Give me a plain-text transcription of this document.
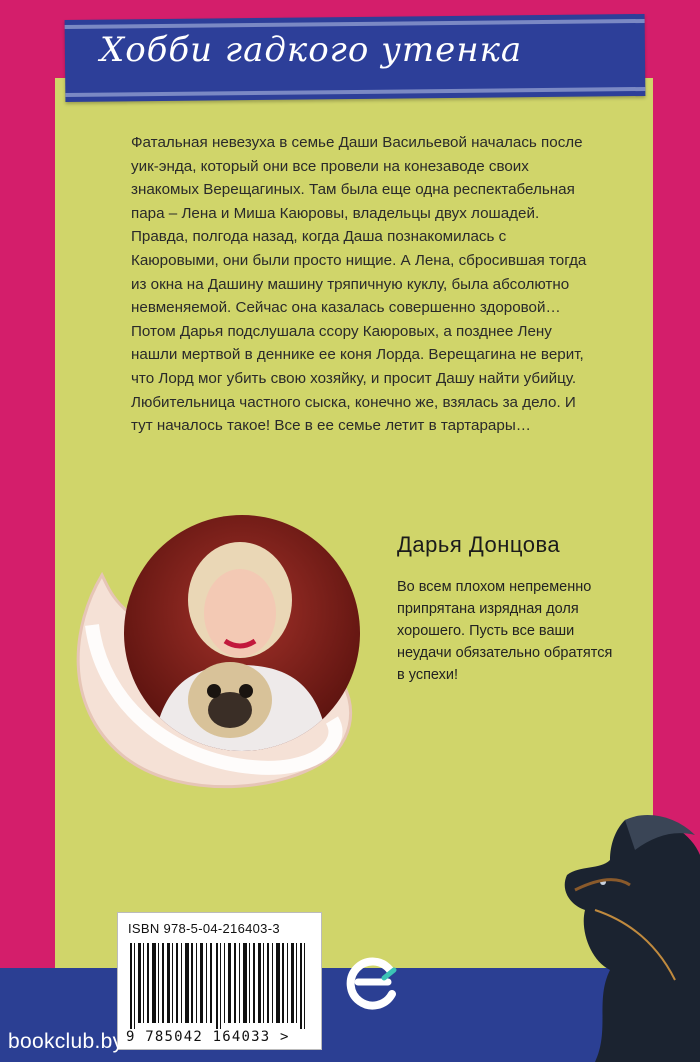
Хобби гадкого утенка

Фатальная невезуха в семье Даши Васильевой началась после уик-энда, который они все провели на конезаводе своих знакомых Верещагиных. Там была еще одна респектабельная пара – Лена и Миша Каюровы, владельцы двух лошадей. Правда, полгода назад, когда Даша познакомилась с Каюровыми, они были просто нищие. А Лена, сбросившая тогда из окна на Дашину машину тряпичную куклу, была абсолютно невменяемой. Сейчас она казалась совершенно здоровой… Потом Дарья подслушала ссору Каюровых, а позднее Лену нашли мертвой в деннике ее коня Лорда. Верещагина не верит, что Лорд мог убить свою хозяйку, и просит Дашу найти убийцу. Любительница частного сыска, конечно же, взялась за дело. И тут началось такое! Все в ее семье летит в тартарары…

Дарья Донцова
Во всем плохом непременно припрятана изрядная доля хорошего. Пусть все ваши неудачи обязательно обратятся в успехи!
ISBN 978-5-04-216403-3
9 785042 164033 >
bookclub.by
